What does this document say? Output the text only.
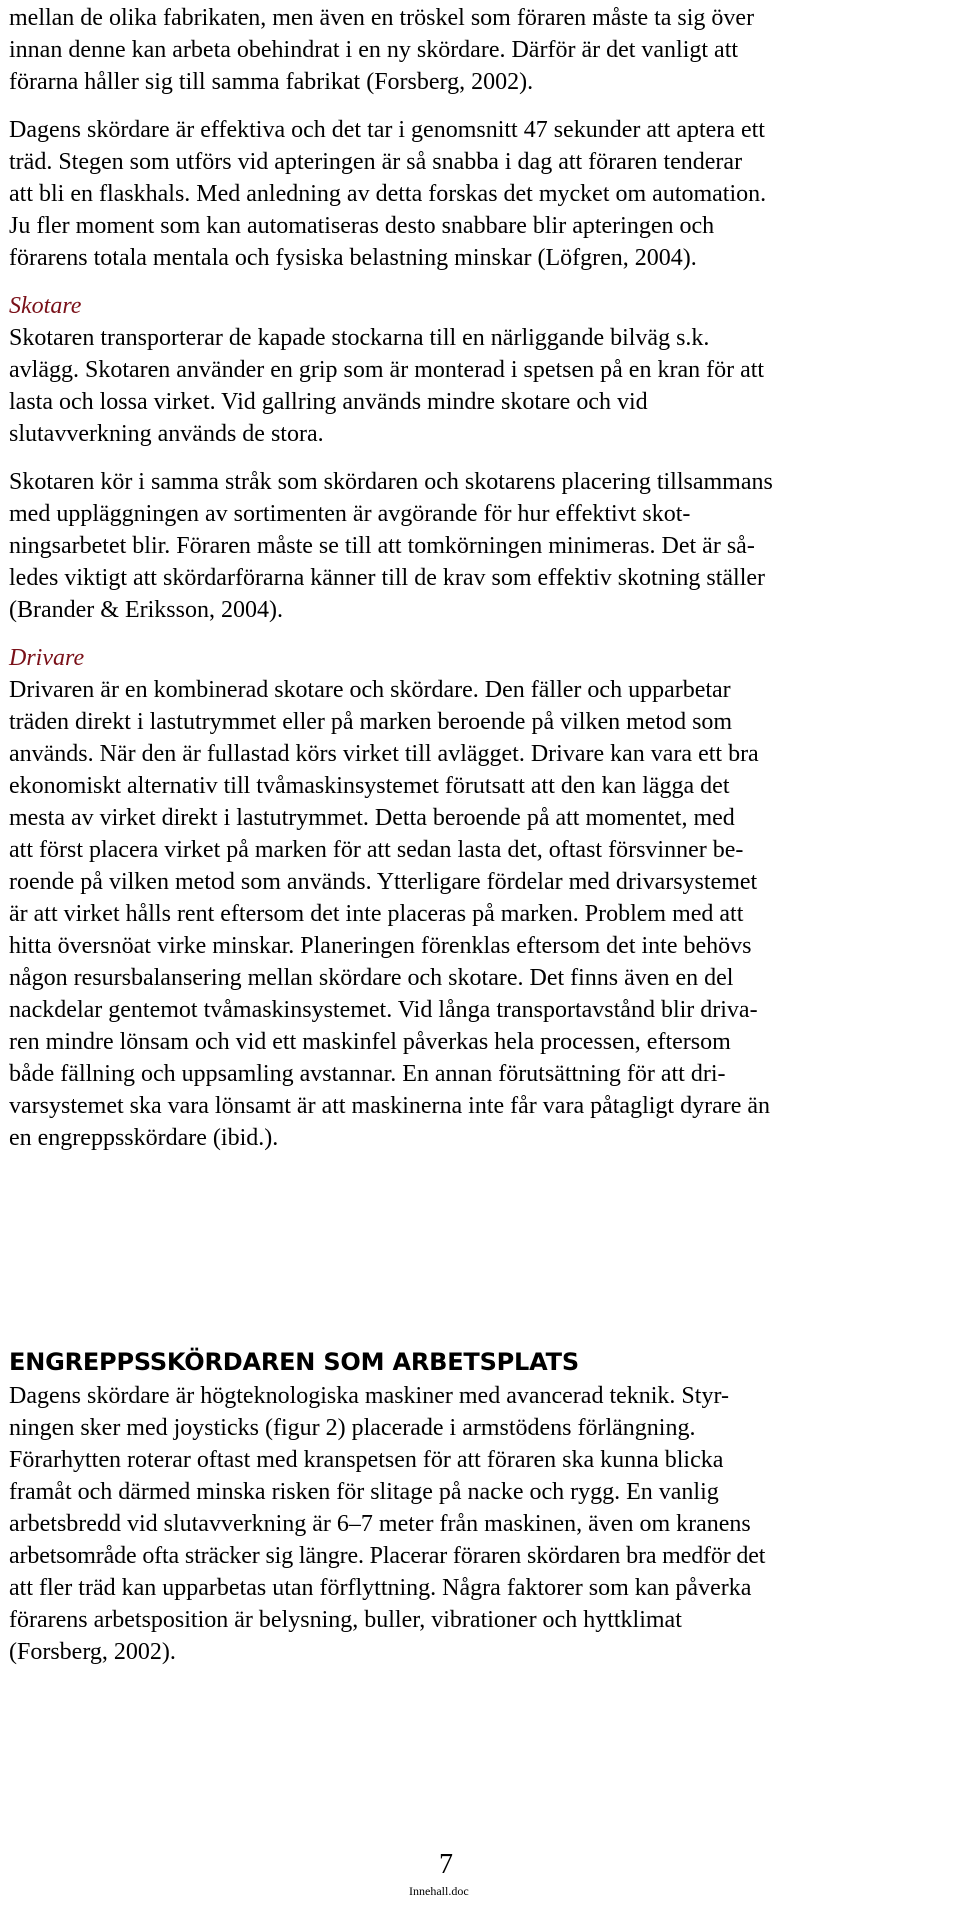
mellan de olika fabrikaten, men även en tröskel som föraren måste ta sig över
innan denne kan arbeta obehindrat i en ny skördare. Därför är det vanligt att
förarna håller sig till samma fabrikat (Forsberg, 2002).
Dagens skördare är effektiva och det tar i genomsnitt 47 sekunder att aptera ett
träd. Stegen som utförs vid apteringen är så snabba i dag att föraren tenderar
att bli en flaskhals. Med anledning av detta forskas det mycket om automation.
Ju fler moment som kan automatiseras desto snabbare blir apteringen och
förarens totala mentala och fysiska belastning minskar (Löfgren, 2004).
Skotare
Skotaren transporterar de kapade stockarna till en närliggande bilväg s.k.
avlägg. Skotaren använder en grip som är monterad i spetsen på en kran för att
lasta och lossa virket. Vid gallring används mindre skotare och vid
slutavverkning används de stora.
Skotaren kör i samma stråk som skördaren och skotarens placering tillsammans
med uppläggningen av sortimenten är avgörande för hur effektivt skot-
ningsarbetet blir. Föraren måste se till att tomkörningen minimeras. Det är så-
ledes viktigt att skördarförarna känner till de krav som effektiv skotning ställer
(Brander & Eriksson, 2004).
Drivare
Drivaren är en kombinerad skotare och skördare. Den fäller och upparbetar
träden direkt i lastutrymmet eller på marken beroende på vilken metod som
används. När den är fullastad körs virket till avlägget. Drivare kan vara ett bra
ekonomiskt alternativ till tvåmaskinsystemet förutsatt att den kan lägga det
mesta av virket direkt i lastutrymmet. Detta beroende på att momentet, med
att först placera virket på marken för att sedan lasta det, oftast försvinner be-
roende på vilken metod som används. Ytterligare fördelar med drivarsystemet
är att virket hålls rent eftersom det inte placeras på marken. Problem med att
hitta översnöat virke minskar. Planeringen förenklas eftersom det inte behövs
någon resursbalansering mellan skördare och skotare. Det finns även en del
nackdelar gentemot tvåmaskinsystemet. Vid långa transportavstånd blir driva-
ren mindre lönsam och vid ett maskinfel påverkas hela processen, eftersom
både fällning och uppsamling avstannar. En annan förutsättning för att dri-
varsystemet ska vara lönsamt är att maskinerna inte får vara påtagligt dyrare än
en engreppsskördare (ibid.).
ENGREPPSSKÖRDAREN SOM ARBETSPLATS
Dagens skördare är högteknologiska maskiner med avancerad teknik. Styr-
ningen sker med joysticks (figur 2) placerade i armstödens förlängning.
Förarhytten roterar oftast med kranspetsen för att föraren ska kunna blicka
framåt och därmed minska risken för slitage på nacke och rygg. En vanlig
arbetsbredd vid slutavverkning är 6–7 meter från maskinen, även om kranens
arbetsområde ofta sträcker sig längre. Placerar föraren skördaren bra medför det
att fler träd kan upparbetas utan förflyttning. Några faktorer som kan påverka
förarens arbetsposition är belysning, buller, vibrationer och hyttklimat
(Forsberg, 2002).
7
Innehall.doc
